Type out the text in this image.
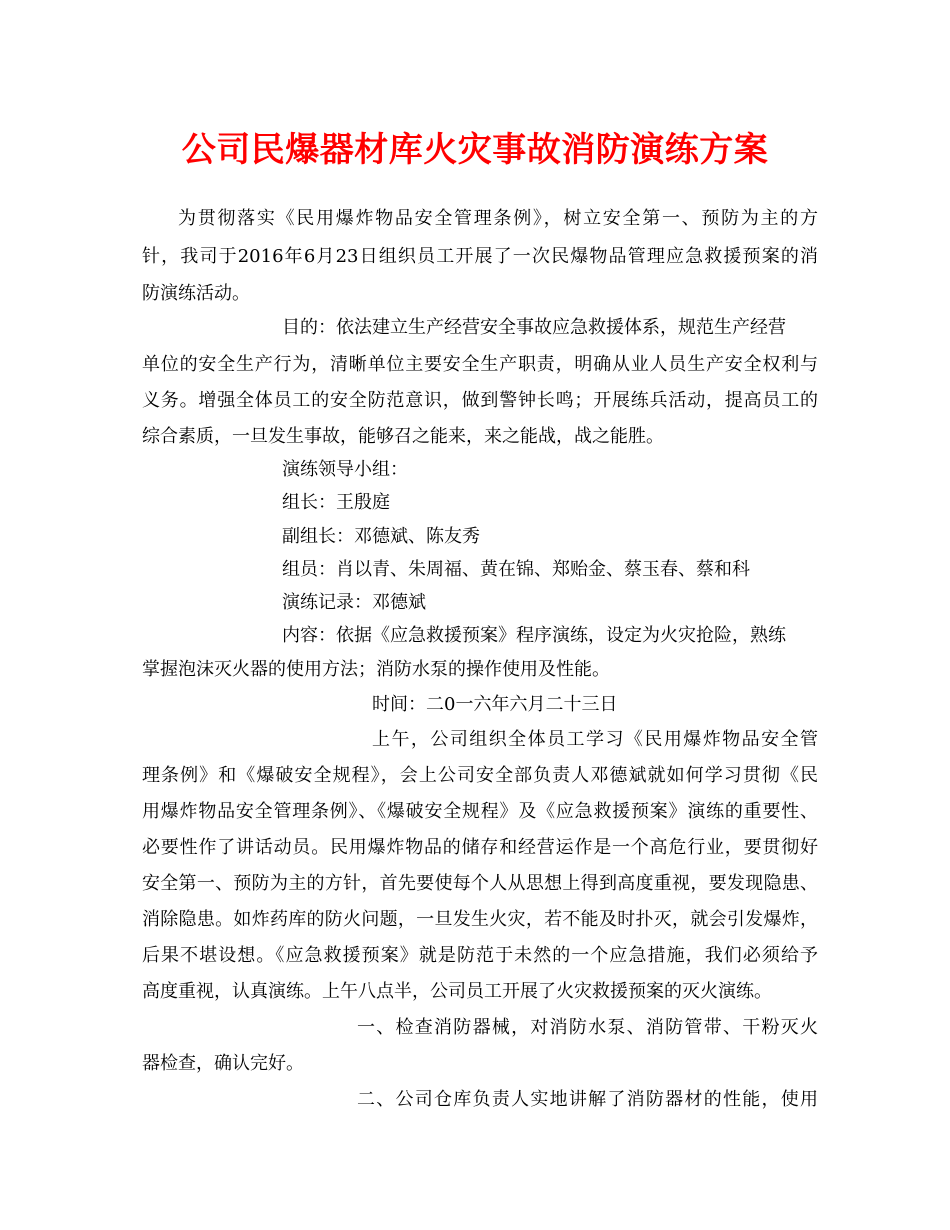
公司民爆器材库火灾事故消防演练方案
为贯彻落实《民用爆炸物品安全管理条例》，树立安全第一、预防为主的方
针，我司于2016年6月23日组织员工开展了一次民爆物品管理应急救援预案的消
防演练活动。
目的：依法建立生产经营安全事故应急救援体系，规范生产经营
单位的安全生产行为，清晰单位主要安全生产职责，明确从业人员生产安全权利与
义务。增强全体员工的安全防范意识，做到警钟长鸣；开展练兵活动，提高员工的
综合素质，一旦发生事故，能够召之能来，来之能战，战之能胜。
演练领导小组：
组长：王殷庭
副组长：邓德斌、陈友秀
组员：肖以青、朱周福、黄在锦、郑贻金、蔡玉春、蔡和科
演练记录：邓德斌
内容：依据《应急救援预案》程序演练，设定为火灾抢险，熟练
掌握泡沫灭火器的使用方法；消防水泵的操作使用及性能。
时间：二0一六年六月二十三日
上午，公司组织全体员工学习《民用爆炸物品安全管
理条例》和《爆破安全规程》，会上公司安全部负责人邓德斌就如何学习贯彻《民
用爆炸物品安全管理条例》、《爆破安全规程》及《应急救援预案》演练的重要性、
必要性作了讲话动员。民用爆炸物品的储存和经营运作是一个高危行业，要贯彻好
安全第一、预防为主的方针，首先要使每个人从思想上得到高度重视，要发现隐患、
消除隐患。如炸药库的防火问题，一旦发生火灾，若不能及时扑灭，就会引发爆炸，
后果不堪设想。《应急救援预案》就是防范于未然的一个应急措施，我们必须给予
高度重视，认真演练。上午八点半，公司员工开展了火灾救援预案的灭火演练。
一、检查消防器械，对消防水泵、消防管带、干粉灭火
器检查，确认完好。
二、公司仓库负责人实地讲解了消防器材的性能，使用
